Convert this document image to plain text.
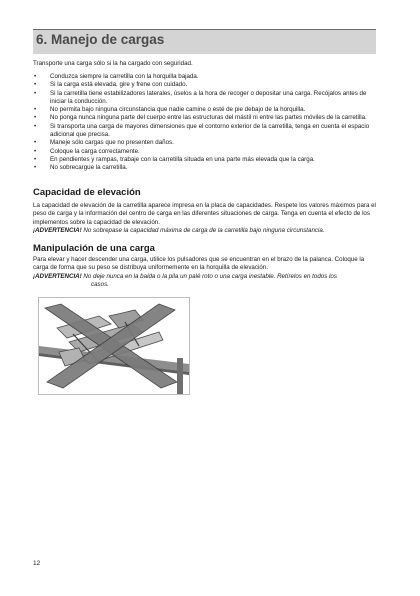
6. Manejo de cargas

Transporte una carga sólo si la ha cargado con seguridad.

• Conduzca siempre la carretilla con la horquilla bajada.
• Si la carga está elevada, gire y frene con cuidado.
• Si la carretilla tiene estabilizadores laterales, úselos a la hora de recoger o depositar una carga. Recójalos antes de iniciar la conducción.
• No permita bajo ninguna circunstancia que nadie camine o esté de pie debajo de la horquilla.
• No ponga nunca ninguna parte del cuerpo entre las estructuras del mástil ni entre las partes móviles de la carretilla.
• Si transporta una carga de mayores dimensiones que el contorno exterior de la carretilla, tenga en cuenta el espacio adicional que precisa.
• Maneje sólo cargas que no presenten daños.
• Coloque la carga correctamente.
• En pendientes y rampas, trabaje con la carretilla situada en una parte más elevada que la carga.
• No sobrecargue la carretilla.
Capacidad de elevación

La capacidad de elevación de la carretilla aparece impresa en la placa de capacidades. Respete los valores máximos para el peso de carga y la información del centro de carga en las diferentes situaciones de carga. Tenga en cuenta el efecto de los implementos sobre la capacidad de elevación.

¡ADVERTENCIA! No sobrepase la capacidad máxima de carga de la carretilla bajo ninguna circunstancia.

Manipulación de una carga

Para elevar y hacer descender una carga, utilice los pulsadores que se encuentran en el brazo de la palanca. Coloque la carga de forma que su peso se distribuya uniformemente en la horquilla de elevación.

¡ADVERTENCIA! No deje nunca en la balda o la pila un palé roto o una carga inestable. Retírelos en todos los
casos.

12
